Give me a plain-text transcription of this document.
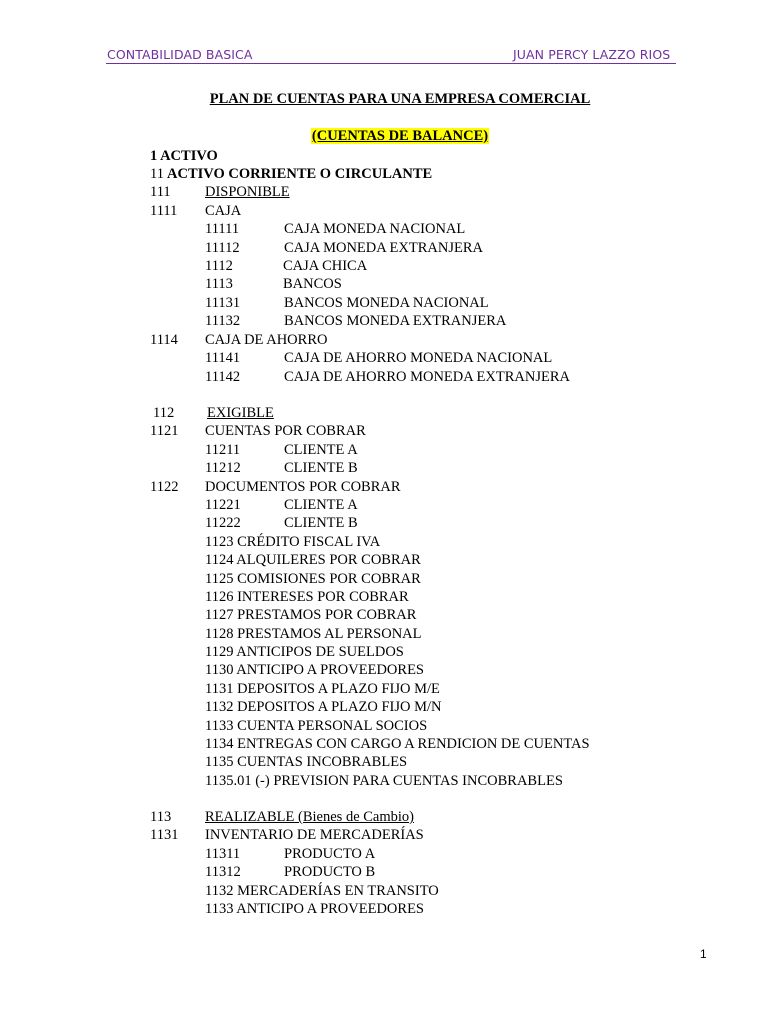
CONTABILIDAD BASICA	JUAN PERCY LAZZO RIOS
PLAN DE CUENTAS PARA UNA EMPRESA COMERCIAL
(CUENTAS DE BALANCE)
1 ACTIVO
11 ACTIVO CORRIENTE O CIRCULANTE
111 DISPONIBLE
1111 CAJA
11111	CAJA MONEDA NACIONAL
11112	CAJA MONEDA EXTRANJERA
1112	CAJA CHICA
1113	BANCOS
11131	BANCOS MONEDA NACIONAL
11132	BANCOS MONEDA EXTRANJERA
1114 CAJA DE AHORRO
11141	CAJA DE AHORRO MONEDA NACIONAL
11142	CAJA DE AHORRO MONEDA EXTRANJERA
112 EXIGIBLE
1121 CUENTAS POR COBRAR
11211	CLIENTE A
11212	CLIENTE B
1122 DOCUMENTOS POR COBRAR
11221	CLIENTE A
11222	CLIENTE B
1123 CRÉDITO FISCAL IVA
1124 ALQUILERES POR COBRAR
1125 COMISIONES POR COBRAR
1126 INTERESES POR COBRAR
1127 PRESTAMOS POR COBRAR
1128 PRESTAMOS AL PERSONAL
1129 ANTICIPOS DE SUELDOS
1130 ANTICIPO A PROVEEDORES
1131 DEPOSITOS A PLAZO FIJO M/E
1132 DEPOSITOS A PLAZO FIJO M/N
1133 CUENTA PERSONAL SOCIOS
1134 ENTREGAS CON CARGO A RENDICION DE CUENTAS
1135 CUENTAS INCOBRABLES
1135.01 (-) PREVISION PARA CUENTAS INCOBRABLES
113 REALIZABLE (Bienes de Cambio)
1131 INVENTARIO DE MERCADERÍAS
11311	PRODUCTO A
11312	PRODUCTO B
1132 MERCADERÍAS EN TRANSITO
1133 ANTICIPO A PROVEEDORES
1
